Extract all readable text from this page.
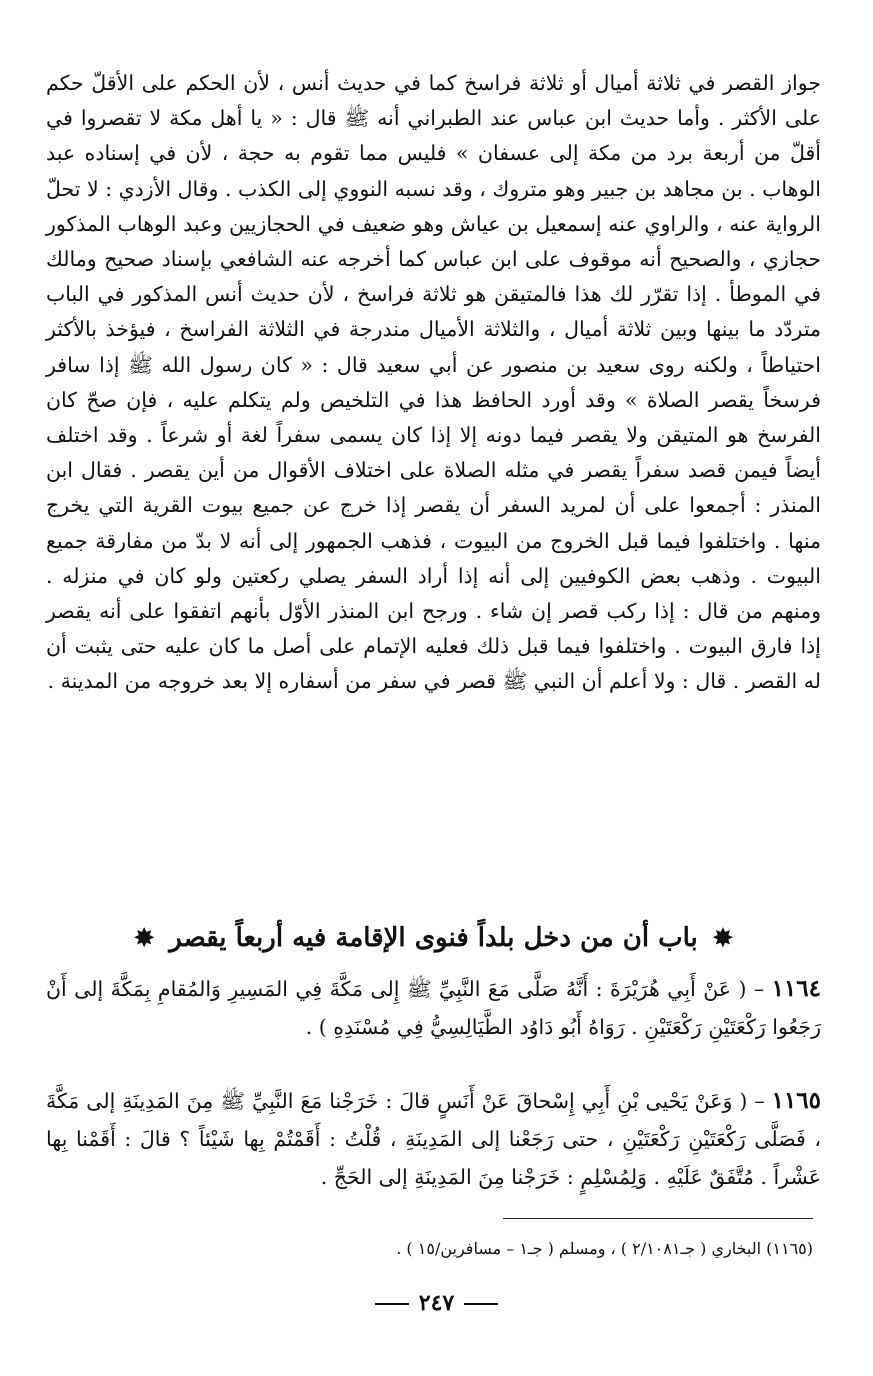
جواز القصر في ثلاثة أميال أو ثلاثة فراسخ كما في حديث أنس ، لأن الحكم على الأقلّ حكم على الأكثر . وأما حديث ابن عباس عند الطبراني أنه ﷺ قال : « يا أهل مكة لا تقصروا في أقلّ من أربعة برد من مكة إلى عسفان » فليس مما تقوم به حجة ، لأن في إسناده عبد الوهاب . بن مجاهد بن جبير وهو متروك ، وقد نسبه النووي إلى الكذب . وقال الأزدي : لا تحلّ الرواية عنه ، والراوي عنه إسمعيل بن عياش وهو ضعيف في الحجازيين وعبد الوهاب المذكور حجازي ، والصحيح أنه موقوف على ابن عباس كما أخرجه عنه الشافعي بإسناد صحيح ومالك في الموطأ . إذا تقرّر لك هذا فالمتيقن هو ثلاثة فراسخ ، لأن حديث أنس المذكور في الباب متردّد ما بينها وبين ثلاثة أميال ، والثلاثة الأميال مندرجة في الثلاثة الفراسخ ، فيؤخذ بالأكثر احتياطاً ، ولكنه روى سعيد بن منصور عن أبي سعيد قال : « كان رسول الله ﷺ إذا سافر فرسخاً يقصر الصلاة » وقد أورد الحافظ هذا في التلخيص ولم يتكلم عليه ، فإن صحّ كان الفرسخ هو المتيقن ولا يقصر فيما دونه إلا إذا كان يسمى سفراً لغة أو شرعاً . وقد اختلف أيضاً فيمن قصد سفراً يقصر في مثله الصلاة على اختلاف الأقوال من أين يقصر . فقال ابن المنذر : أجمعوا على أن لمريد السفر أن يقصر إذا خرج عن جميع بيوت القرية التي يخرج منها . واختلفوا فيما قبل الخروج من البيوت ، فذهب الجمهور إلى أنه لا بدّ من مفارقة جميع البيوت . وذهب بعض الكوفيين إلى أنه إذا أراد السفر يصلي ركعتين ولو كان في منزله . ومنهم من قال : إذا ركب قصر إن شاء . ورجح ابن المنذر الأوّل بأنهم اتفقوا على أنه يقصر إذا فارق البيوت . واختلفوا فيما قبل ذلك فعليه الإتمام على أصل ما كان عليه حتى يثبت أن له القصر . قال : ولا أعلم أن النبي ﷺ قصر في سفر من أسفاره إلا بعد خروجه من المدينة .

✸ باب أن من دخل بلداً فنوى الإقامة فيه أربعاً يقصر ✸

١١٦٤ – ( عَنْ أَبِي هُرَيْرَةَ : أَنَّهُ صَلَّى مَعَ النَّبِيِّ ﷺ إِلى مَكَّةَ فِي المَسِيرِ وَالمُقامِ بِمَكَّةَ إلى أَنْ رَجَعُوا رَكْعَتَيْنِ رَكْعَتَيْنِ . رَوَاهُ أَبُو دَاوُد الطَّيَالِسِيُّ فِي مُسْنَدِهِ ) .

١١٦٥ – ( وَعَنْ يَحْيى بْنِ أَبِي إِسْحاقَ عَنْ أَنَسٍ قالَ : خَرَجْنا مَعَ النَّبِيِّ ﷺ مِنَ المَدِينَةِ إلى مَكَّةَ ، فَصَلَّى رَكْعَتَيْنِ رَكْعَتَيْنِ ، حتى رَجَعْنا إلى المَدِينَةِ ، قُلْتُ : أَقَمْتُمْ بِها شَيْئاً ؟ قالَ : أَقَمْنا بِها عَشْراً . مُتَّفَقٌ عَلَيْهِ . وَلِمُسْلِمٍ : خَرَجْنا مِنَ المَدِينَةِ إلى الحَجِّ .

(١١٦٥) البخاري ( جـ٢/١٠٨١ ) ، ومسلم ( جـ١ – مسافرين/١٥ ) .
٢٤٧
